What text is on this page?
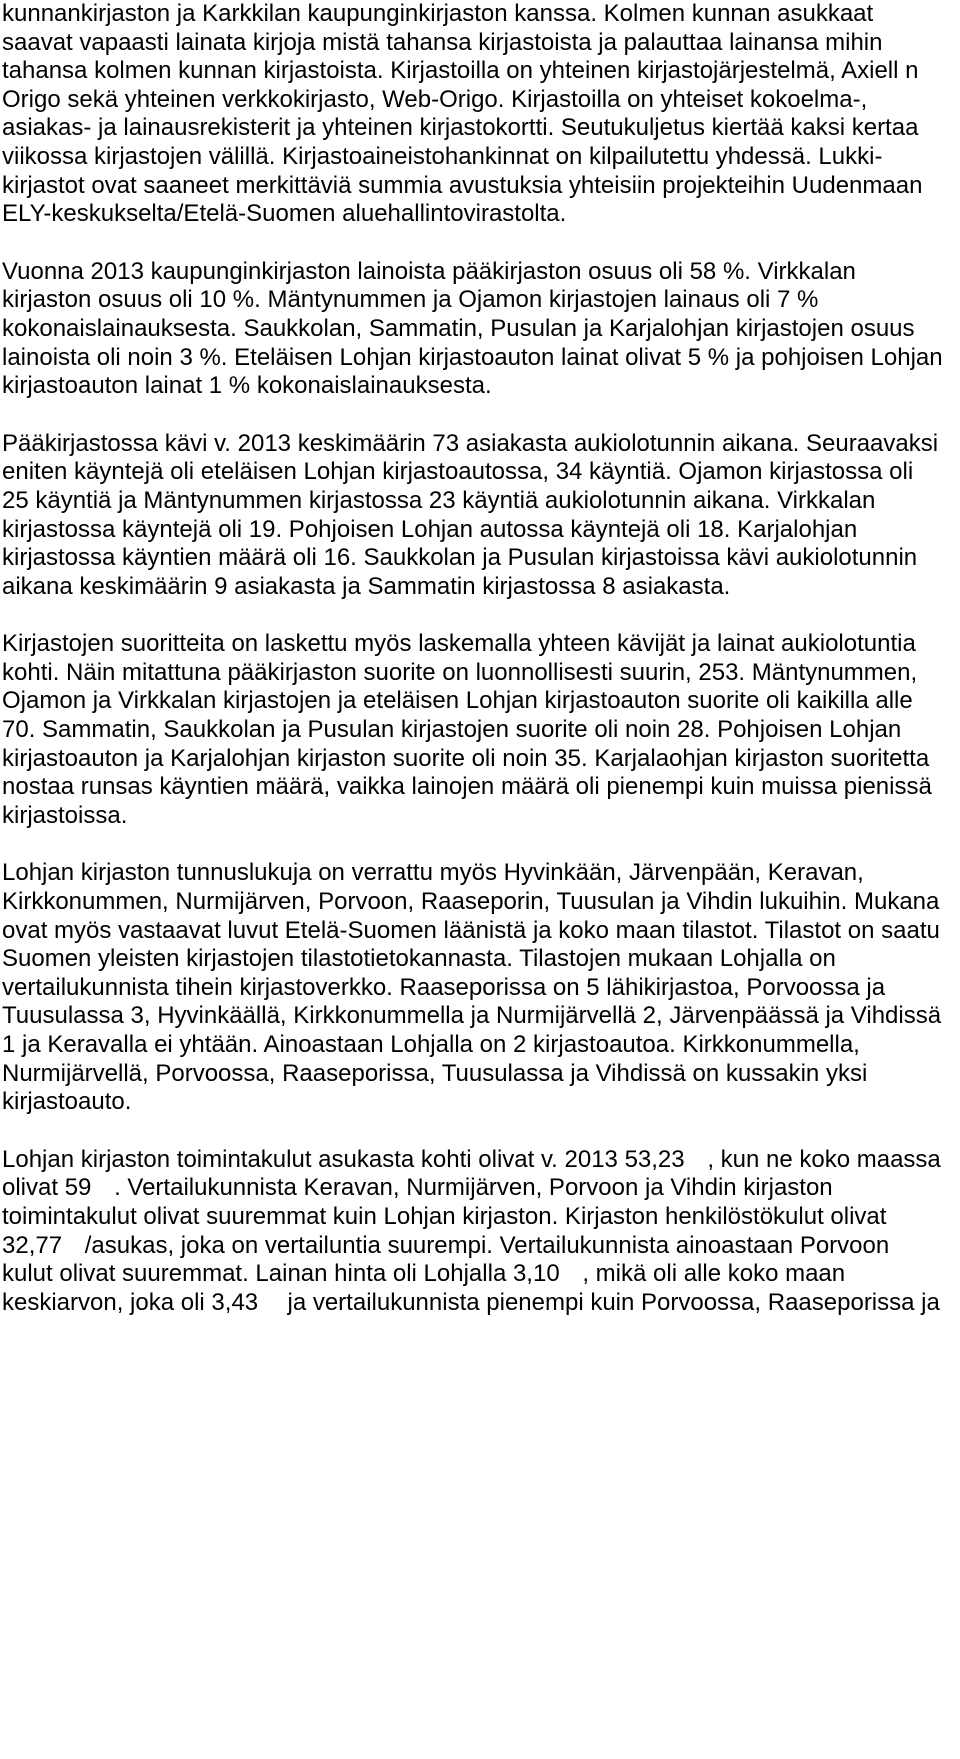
kunnankirjaston ja Karkkilan kaupunginkirjaston kanssa. Kolmen kunnan asukkaat saavat vapaasti lainata kirjoja mistä tahansa kirjastoista ja palauttaa lainansa mihin tahansa kolmen kunnan kirjastoista. Kirjastoilla on yhteinen kirjastojärjestelmä, Axiell n Origo sekä yhteinen verkkokirjasto, Web-Origo. Kirjastoilla on yhteiset kokoelma-, asiakas- ja lainausrekisterit ja yhteinen kirjastokortti. Seutukuljetus kiertää kaksi kertaa viikossa kirjastojen välillä. Kirjastoaineistohankinnat on kilpailutettu yhdessä. Lukki-kirjastot ovat saaneet merkittäviä summia avustuksia yhteisiin projekteihin Uudenmaan ELY-keskukselta/Etelä-Suomen aluehallintovirastolta.

Vuonna 2013 kaupunginkirjaston lainoista pääkirjaston osuus oli 58 %. Virkkalan kirjaston osuus oli 10 %. Mäntynummen ja Ojamon kirjastojen lainaus oli 7 % kokonaislainauksesta. Saukkolan, Sammatin, Pusulan ja Karjalohjan kirjastojen osuus lainoista oli noin 3 %. Eteläisen Lohjan kirjastoauton lainat olivat 5 % ja pohjoisen Lohjan kirjastoauton lainat 1 % kokonaislainauksesta.

Pääkirjastossa kävi v. 2013 keskimäärin 73 asiakasta aukiolotunnin aikana. Seuraavaksi eniten käyntejä oli eteläisen Lohjan kirjastoautossa, 34 käyntiä. Ojamon kirjastossa oli 25 käyntiä ja Mäntynummen kirjastossa 23 käyntiä aukiolotunnin aikana. Virkkalan kirjastossa käyntejä oli 19. Pohjoisen Lohjan autossa käyntejä oli 18. Karjalohjan kirjastossa käyntien määrä oli 16. Saukkolan ja Pusulan kirjastoissa kävi aukiolotunnin aikana keskimäärin 9 asiakasta ja Sammatin kirjastossa 8 asiakasta.

Kirjastojen suoritteita on laskettu myös laskemalla yhteen kävijät ja lainat aukiolotuntia kohti. Näin mitattuna pääkirjaston suorite on luonnollisesti suurin, 253. Mäntynummen, Ojamon ja Virkkalan kirjastojen ja eteläisen Lohjan kirjastoauton suorite oli kaikilla alle 70. Sammatin, Saukkolan ja Pusulan kirjastojen suorite oli noin 28. Pohjoisen Lohjan kirjastoauton ja Karjalohjan kirjaston suorite oli noin 35. Karjalaohjan kirjaston suoritetta nostaa runsas käyntien määrä, vaikka lainojen määrä oli pienempi kuin muissa pienissä kirjastoissa.

Lohjan kirjaston tunnuslukuja on verrattu myös Hyvinkään, Järvenpään, Keravan, Kirkkonummen, Nurmijärven, Porvoon, Raaseporin, Tuusulan ja Vihdin lukuihin. Mukana ovat myös vastaavat luvut Etelä-Suomen läänistä ja koko maan tilastot. Tilastot on saatu Suomen yleisten kirjastojen tilastotietokannasta. Tilastojen mukaan Lohjalla on vertailukunnista tihein kirjastoverkko. Raaseporissa on 5 lähikirjastoa, Porvoossa ja Tuusulassa 3, Hyvinkäällä, Kirkkonummella ja Nurmijärvellä 2, Järvenpäässä ja Vihdissä 1 ja Keravalla ei yhtään. Ainoastaan Lohjalla on 2 kirjastoautoa. Kirkkonummella, Nurmijärvellä, Porvoossa, Raaseporissa, Tuusulassa ja Vihdissä on kussakin yksi kirjastoauto.

Lohjan kirjaston toimintakulut asukasta kohti olivat v. 2013 53,23 , kun ne koko maassa olivat 59 . Vertailukunnista Keravan, Nurmijärven, Porvoon ja Vihdin kirjaston toimintakulut olivat suuremmat kuin Lohjan kirjaston. Kirjaston henkilöstökulut olivat 32,77 /asukas, joka on vertailuntia suurempi. Vertailukunnista ainoastaan Porvoon kulut olivat suuremmat. Lainan hinta oli Lohjalla 3,10 , mikä oli alle koko maan keskiarvon, joka oli 3,43 ja vertailukunnista pienempi kuin Porvoossa, Raaseporissa ja
